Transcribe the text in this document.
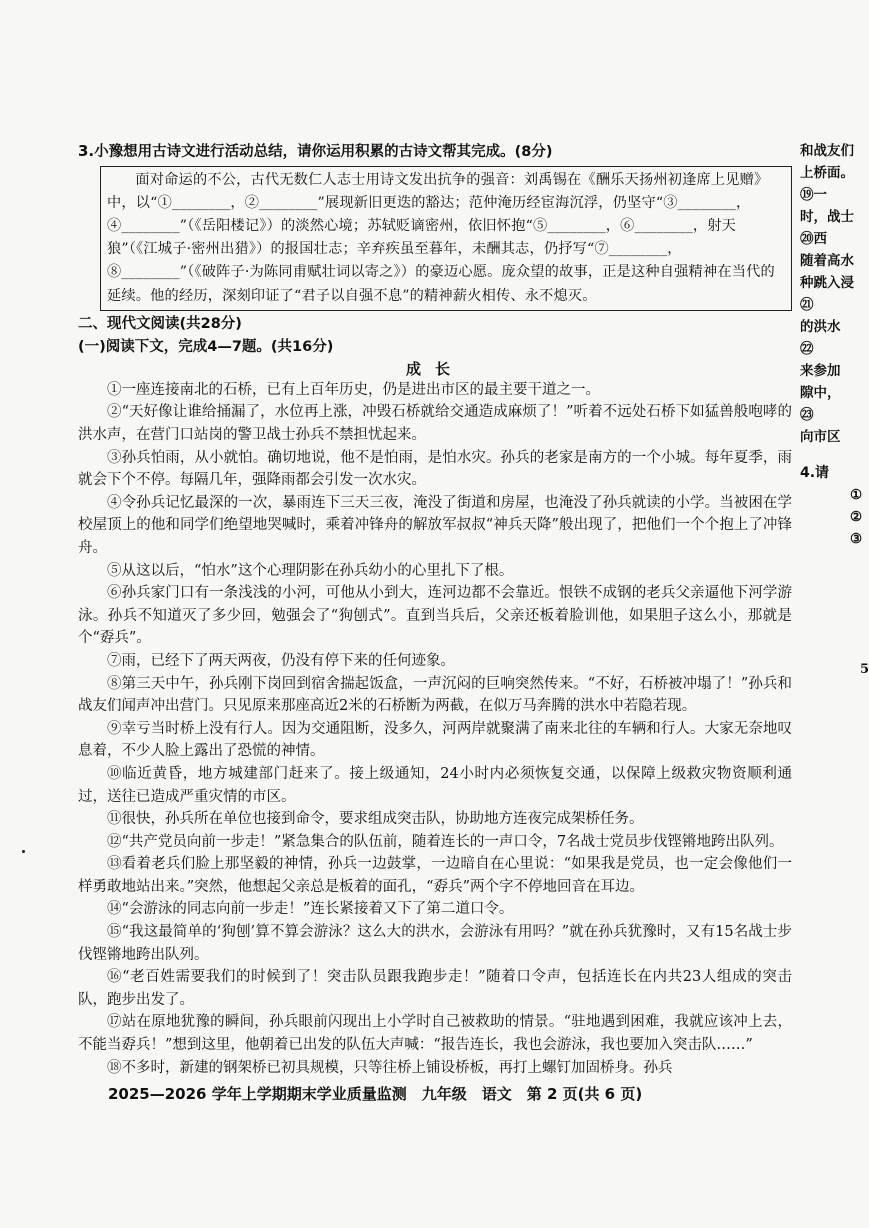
3.小豫想用古诗文进行活动总结，请你运用积累的古诗文帮其完成。(8分)

面对命运的不公，古代无数仁人志士用诗文发出抗争的强音：刘禹锡在《酬乐天扬州初逢席上见赠》中，以“①________，②________”展现新旧更迭的豁达；范仲淹历经宦海沉浮，仍坚守“③________，④________”（《岳阳楼记》）的淡然心境；苏轼贬谪密州，依旧怀抱“⑤________，⑥________，射天狼”（《江城子·密州出猎》）的报国壮志；辛弃疾虽至暮年，未酬其志，仍抒写“⑦________，⑧________”（《破阵子·为陈同甫赋壮词以寄之》）的豪迈心愿。庞众望的故事，正是这种自强精神在当代的延续。他的经历，深刻印证了“君子以自强不息”的精神薪火相传、永不熄灭。

二、现代文阅读(共28分)
(一)阅读下文，完成4—7题。(共16分)
成长

①一座连接南北的石桥，已有上百年历史，仍是进出市区的最主要干道之一。

②“天好像让谁给捅漏了，水位再上涨，冲毁石桥就给交通造成麻烦了！”听着不远处石桥下如猛兽般咆哮的洪水声，在营门口站岗的警卫战士孙兵不禁担忧起来。

③孙兵怕雨，从小就怕。确切地说，他不是怕雨，是怕水灾。孙兵的老家是南方的一个小城。每年夏季，雨就会下个不停。每隔几年，强降雨都会引发一次水灾。

④令孙兵记忆最深的一次，暴雨连下三天三夜，淹没了街道和房屋，也淹没了孙兵就读的小学。当被困在学校屋顶上的他和同学们绝望地哭喊时，乘着冲锋舟的解放军叔叔“神兵天降”般出现了，把他们一个个抱上了冲锋舟。

⑤从这以后，“怕水”这个心理阴影在孙兵幼小的心里扎下了根。

⑥孙兵家门口有一条浅浅的小河，可他从小到大，连河边都不会靠近。恨铁不成钢的老兵父亲逼他下河学游泳。孙兵不知道灭了多少回，勉强会了“狗刨式”。直到当兵后，父亲还板着脸训他，如果胆子这么小，那就是个“孬兵”。

⑦雨，已经下了两天两夜，仍没有停下来的任何迹象。

⑧第三天中午，孙兵刚下岗回到宿舍揣起饭盒，一声沉闷的巨响突然传来。“不好，石桥被冲塌了！”孙兵和战友们闻声冲出营门。只见原来那座高近2米的石桥断为两截，在似万马奔腾的洪水中若隐若现。

⑨幸亏当时桥上没有行人。因为交通阻断，没多久，河两岸就聚满了南来北往的车辆和行人。大家无奈地叹息着，不少人脸上露出了恐慌的神情。

⑩临近黄昏，地方城建部门赶来了。接上级通知，24小时内必须恢复交通，以保障上级救灾物资顺利通过，送往已造成严重灾情的市区。

⑪很快，孙兵所在单位也接到命令，要求组成突击队，协助地方连夜完成架桥任务。

⑫“共产党员向前一步走！”紧急集合的队伍前，随着连长的一声口令，7名战士党员步伐铿锵地跨出队列。

⑬看着老兵们脸上那坚毅的神情，孙兵一边鼓掌，一边暗自在心里说：“如果我是党员，也一定会像他们一样勇敢地站出来。”突然，他想起父亲总是板着的面孔，“孬兵”两个字不停地回音在耳边。

⑭“会游泳的同志向前一步走！”连长紧接着又下了第二道口令。

⑮“我这最简单的‘狗刨’算不算会游泳？这么大的洪水，会游泳有用吗？”就在孙兵犹豫时，又有15名战士步伐铿锵地跨出队列。

⑯“老百姓需要我们的时候到了！突击队员跟我跑步走！”随着口令声，包括连长在内共23人组成的突击队，跑步出发了。

⑰站在原地犹豫的瞬间，孙兵眼前闪现出上小学时自己被救助的情景。“驻地遇到困难，我就应该冲上去，不能当孬兵！”想到这里，他朝着已出发的队伍大声喊：“报告连长，我也会游泳，我也要加入突击队……”

⑱不多时，新建的钢架桥已初具规模，只等往桥上铺设桥板，再打上螺钉加固桥身。孙兵

2025—2026 学年上学期期末学业质量监测　九年级　语文　第 2 页(共 6 页)
和战友们
上桥面。
⑲一
时，战士
⑳西
随着高水
种跳入浸
㉑
的洪水
㉒
来参加
隙中，
㉓
向市区
4.请
①
②
③
5
